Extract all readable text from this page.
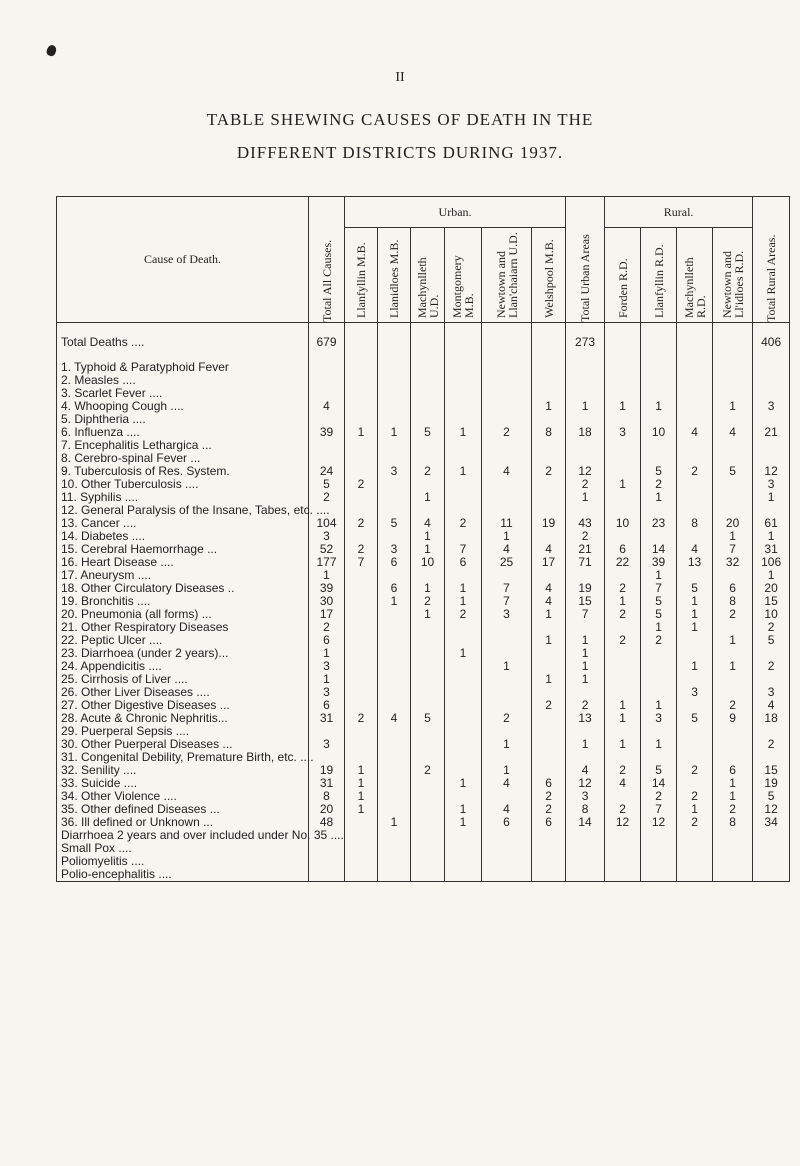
II
TABLE SHEWING CAUSES OF DEATH IN THE
DIFFERENT DISTRICTS DURING 1937.
Cause of Death.	Total All Causes.	Urban.						Total Urban Areas	Rural.				Total Rural Areas.

		Llanfyllin M.B.	Llanidloes M.B.	Machynlleth U.D.	Montgomery M.B.	Newtown and Llan'chaiarn U.D.	Welshpool M.B.		Forden R.D.	Llanfyllin R.D.	Machynlleth R.D.	Newtown and Ll'idloes R.D.	

Total Deaths ....	679							273					406
1. Typhoid & Paratyphoid Fever													
2. Measles ....													
3. Scarlet Fever ....													
4. Whooping Cough ....	4						1	1	1	1		1	3
5. Diphtheria ....													
6. Influenza ....	39	1	1	5	1	2	8	18	3	10	4	4	21
7. Encephalitis Lethargica ...													
8. Cerebro-spinal Fever ...													
9. Tuberculosis of Res. System.	24		3	2	1	4	2	12		5	2	5	12
10. Other Tuberculosis ....	5	2						2	1	2			3
11. Syphilis ....	2			1				1		1			1
12. General Paralysis of the Insane, Tabes, etc. ....													
13. Cancer ....	104	2	5	4	2	11	19	43	10	23	8	20	61
14. Diabetes ....	3			1		1		2				1	1
15. Cerebral Haemorrhage ...	52	2	3	1	7	4	4	21	6	14	4	7	31
16. Heart Disease ....	177	7	6	10	6	25	17	71	22	39	13	32	106
17. Aneurysm ....	1									1			1
18. Other Circulatory Diseases ..	39		6	1	1	7	4	19	2	7	5	6	20
19. Bronchitis ....	30		1	2	1	7	4	15	1	5	1	8	15
20. Pneumonia (all forms) ...	17			1	2	3	1	7	2	5	1	2	10
21. Other Respiratory Diseases	2									1	1		2
22. Peptic Ulcer ....	6						1	1	2	2		1	5
23. Diarrhoea (under 2 years)...	1				1			1					
24. Appendicitis ....	3					1		1			1	1	2
25. Cirrhosis of Liver ....	1						1	1					
26. Other Liver Diseases ....	3										3		3
27. Other Digestive Diseases ...	6						2	2	1	1		2	4
28. Acute & Chronic Nephritis...	31	2	4	5		2		13	1	3	5	9	18
29. Puerperal Sepsis ....													
30. Other Puerperal Diseases ...	3					1		1	1	1			2
31. Congenital Debility, Premature Birth, etc. ....													
32. Senility ....	19	1		2		1		4	2	5	2	6	15
33. Suicide ....	31	1			1	4	6	12	4	14		1	19
34. Other Violence ....	8	1					2	3		2	2	1	5
35. Other defined Diseases ...	20	1			1	4	2	8	2	7	1	2	12
36. Ill defined or Unknown ...	48		1		1	6	6	14	12	12	2	8	34
Diarrhoea 2 years and over included under No. 35 ....													
Small Pox ....													
Poliomyelitis ....													
Polio-encephalitis ....													
